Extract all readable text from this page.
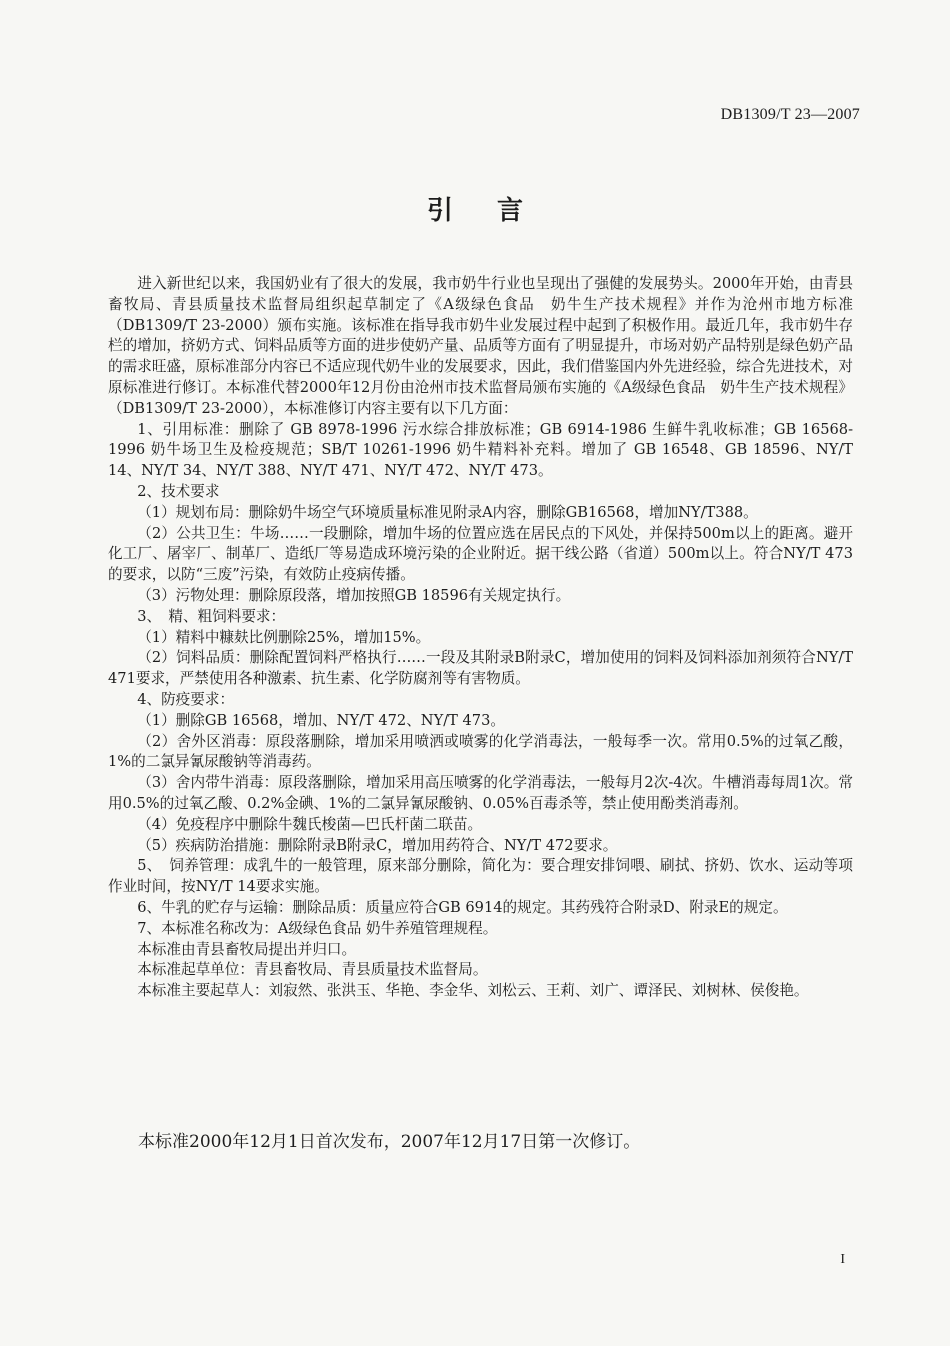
DB1309/T 23—2007
引言

进入新世纪以来，我国奶业有了很大的发展，我市奶牛行业也呈现出了强健的发展势头。2000年开始，由青县畜牧局、青县质量技术监督局组织起草制定了《A级绿色食品　奶牛生产技术规程》并作为沧州市地方标准（DB1309/T 23-2000）颁布实施。该标准在指导我市奶牛业发展过程中起到了积极作用。最近几年，我市奶牛存栏的增加，挤奶方式、饲料品质等方面的进步使奶产量、品质等方面有了明显提升，市场对奶产品特别是绿色奶产品的需求旺盛，原标准部分内容已不适应现代奶牛业的发展要求，因此，我们借鉴国内外先进经验，综合先进技术，对原标准进行修订。本标准代替2000年12月份由沧州市技术监督局颁布实施的《A级绿色食品　奶牛生产技术规程》（DB1309/T 23-2000），本标准修订内容主要有以下几方面：

1、引用标准：删除了 GB 8978-1996 污水综合排放标准；GB 6914-1986 生鲜牛乳收标准；GB 16568-1996 奶牛场卫生及检疫规范；SB/T 10261-1996 奶牛精料补充料。增加了 GB 16548、GB 18596、NY/T 14、NY/T 34、NY/T 388、NY/T 471、NY/T 472、NY/T 473。

2、技术要求

（1）规划布局：删除奶牛场空气环境质量标准见附录A内容，删除GB16568，增加NY/T388。

（2）公共卫生：牛场……一段删除，增加牛场的位置应选在居民点的下风处，并保持500m以上的距离。避开化工厂、屠宰厂、制革厂、造纸厂等易造成环境污染的企业附近。据干线公路（省道）500m以上。符合NY/T 473的要求，以防“三废”污染，有效防止疫病传播。

（3）污物处理：删除原段落，增加按照GB 18596有关规定执行。

3、　精、粗饲料要求：

（1）精料中糠麸比例删除25%，增加15%。

（2）饲料品质：删除配置饲料严格执行……一段及其附录B附录C，增加使用的饲料及饲料添加剂须符合NY/T 471要求，严禁使用各种激素、抗生素、化学防腐剂等有害物质。

4、防疫要求：

（1）删除GB 16568，增加、NY/T 472、NY/T 473。

（2）舍外区消毒：原段落删除，增加采用喷洒或喷雾的化学消毒法，一般每季一次。常用0.5%的过氧乙酸，1%的二氯异氰尿酸钠等消毒药。

（3）舍内带牛消毒：原段落删除，增加采用高压喷雾的化学消毒法，一般每月2次-4次。牛槽消毒每周1次。常用0.5%的过氧乙酸、0.2%金碘、1%的二氯异氰尿酸钠、0.05%百毒杀等，禁止使用酚类消毒剂。

（4）免疫程序中删除牛魏氏梭菌—巴氏杆菌二联苗。

（5）疾病防治措施：删除附录B附录C，增加用药符合、NY/T 472要求。

5、　饲养管理：成乳牛的一般管理，原来部分删除，简化为：要合理安排饲喂、刷拭、挤奶、饮水、运动等项作业时间，按NY/T 14要求实施。

6、牛乳的贮存与运输：删除品质：质量应符合GB 6914的规定。其药残符合附录D、附录E的规定。

7、本标准名称改为：A级绿色食品 奶牛养殖管理规程。

本标准由青县畜牧局提出并归口。

本标准起草单位：青县畜牧局、青县质量技术监督局。

本标准主要起草人：刘寂然、张洪玉、华艳、李金华、刘松云、王莉、刘广、谭泽民、刘树林、侯俊艳。

本标准2000年12月1日首次发布，2007年12月17日第一次修订。
I
